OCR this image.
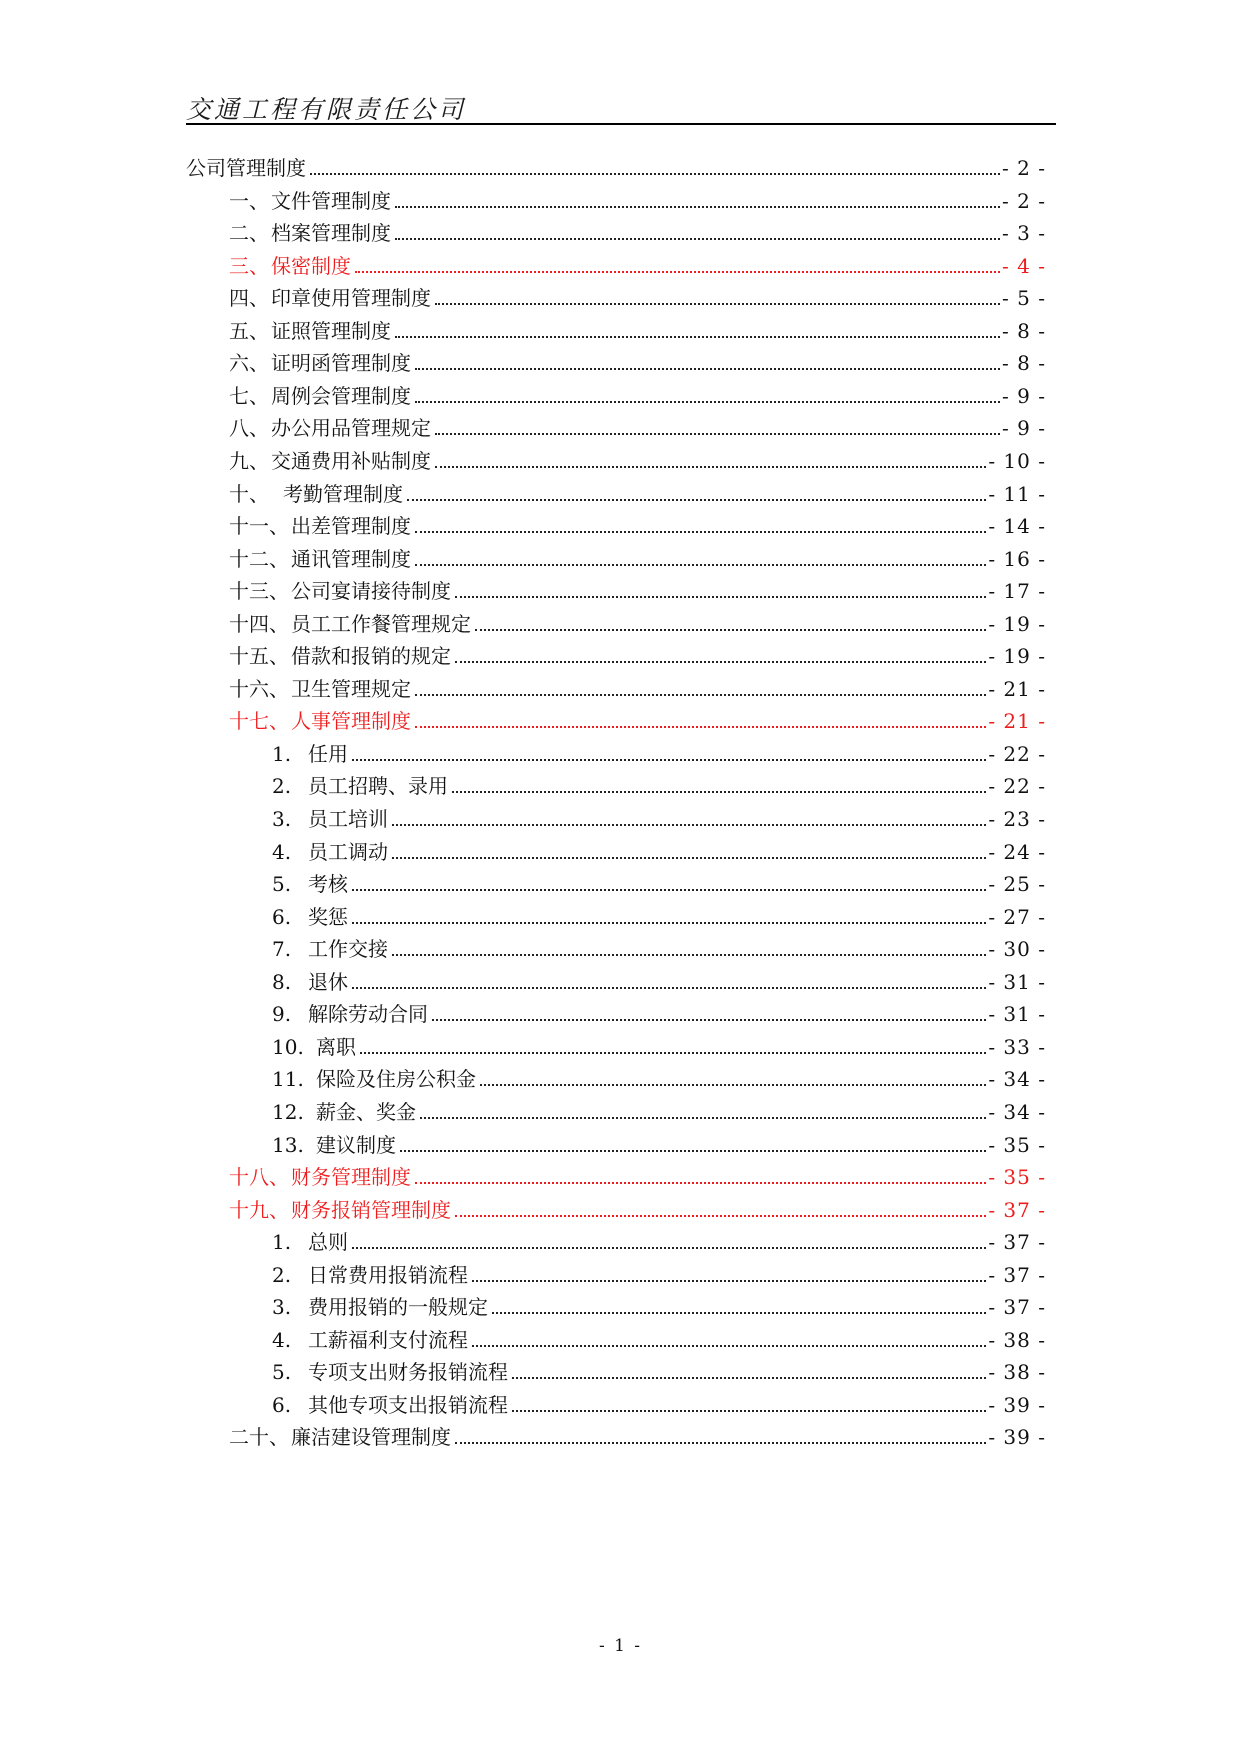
交通工程有限责任公司
公司管理制度	- 2 -
一、 文件管理制度	- 2 -
二、 档案管理制度	- 3 -
三、 保密制度	- 4 -
四、 印章使用管理制度	- 5 -
五、 证照管理制度	- 8 -
六、 证明函管理制度	- 8 -
七、 周例会管理制度	- 9 -
八、 办公用品管理规定	- 9 -
九、 交通费用补贴制度	- 10 -
十、 考勤管理制度	- 11 -
十一、 出差管理制度	- 14 -
十二、 通讯管理制度	- 16 -
十三、 公司宴请接待制度	- 17 -
十四、 员工工作餐管理规定	- 19 -
十五、 借款和报销的规定	- 19 -
十六、 卫生管理规定	- 21 -
十七、 人事管理制度	- 21 -
1. 任用	- 22 -
2. 员工招聘、录用	- 22 -
3. 员工培训	- 23 -
4. 员工调动	- 24 -
5. 考核	- 25 -
6. 奖惩	- 27 -
7. 工作交接	- 30 -
8. 退休	- 31 -
9. 解除劳动合同	- 31 -
10. 离职	- 33 -
11. 保险及住房公积金	- 34 -
12. 薪金、奖金	- 34 -
13. 建议制度	- 35 -
十八、 财务管理制度	- 35 -
十九、 财务报销管理制度	- 37 -
1. 总则	- 37 -
2. 日常费用报销流程	- 37 -
3. 费用报销的一般规定	- 37 -
4. 工薪福利支付流程	- 38 -
5. 专项支出财务报销流程	- 38 -
6. 其他专项支出报销流程	- 39 -
二十、 廉洁建设管理制度	- 39 -
- 1 -
